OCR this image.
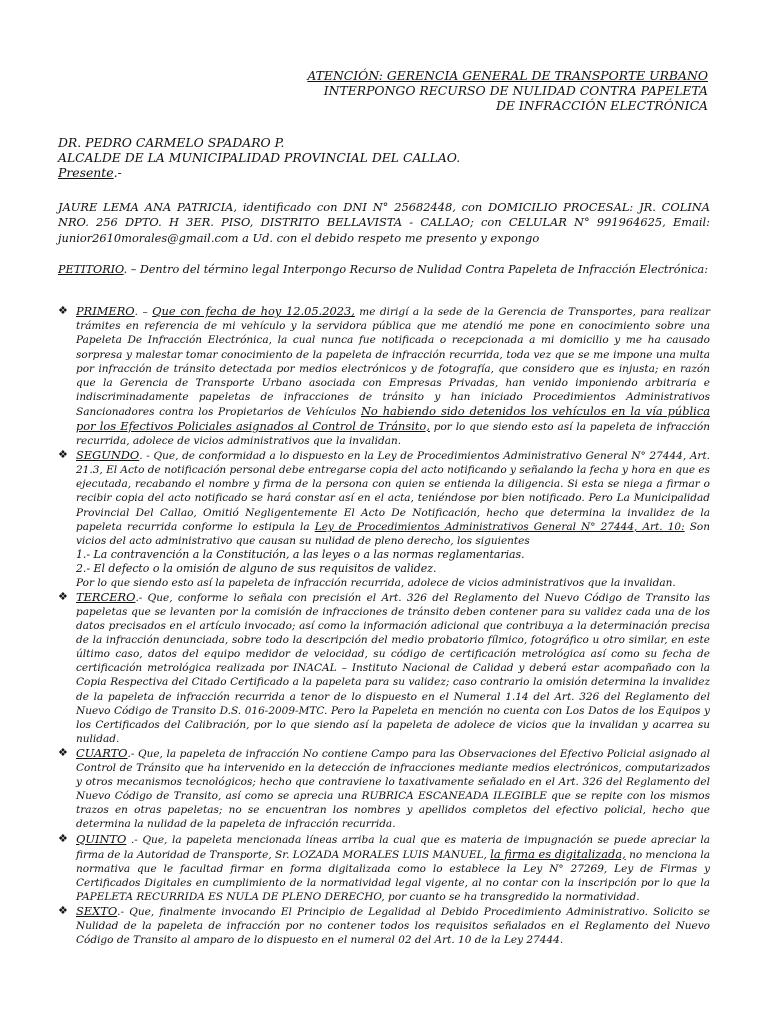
ATENCIÓN: GERENCIA GENERAL DE TRANSPORTE URBANO
INTERPONGO RECURSO DE NULIDAD CONTRA PAPELETA
DE INFRACCIÓN ELECTRÓNICA
DR. PEDRO CARMELO SPADARO P.
ALCALDE DE LA MUNICIPALIDAD PROVINCIAL DEL CALLAO.
Presente.-
JAURE LEMA ANA PATRICIA, identificado con DNI N° 25682448, con DOMICILIO PROCESAL: JR. COLINA NRO. 256 DPTO. H 3ER. PISO, DISTRITO BELLAVISTA - CALLAO; con CELULAR N° 991964625, Email: junior2610morales@gmail.com a Ud. con el debido respeto me presento y expongo
PETITORIO. – Dentro del término legal Interpongo Recurso de Nulidad Contra Papeleta de Infracción Electrónica:
❖ PRIMERO. – Que con fecha de hoy 12.05.2023, me dirigí a la sede de la Gerencia de Transportes, para realizar trámites en referencia de mi vehículo y la servidora pública que me atendió me pone en conocimiento sobre una Papeleta De Infracción Electrónica, la cual nunca fue notificada o recepcionada a mi domicilio y me ha causado sorpresa y malestar tomar conocimiento de la papeleta de infracción recurrida, toda vez que se me impone una multa por infracción de tránsito detectada por medios electrónicos y de fotografía, que considero que es injusta; en razón que la Gerencia de Transporte Urbano asociada con Empresas Privadas, han venido imponiendo arbitraria e indiscriminadamente papeletas de infracciones de tránsito y han iniciado Procedimientos Administrativos Sancionadores contra los Propietarios de Vehículos No habiendo sido detenidos los vehículos en la vía pública por los Efectivos Policiales asignados al Control de Tránsito, por lo que siendo esto así la papeleta de infracción recurrida, adolece de vicios administrativos que la invalidan.
❖ SEGUNDO. - Que, de conformidad a lo dispuesto en la Ley de Procedimientos Administrativo General N° 27444, Art. 21.3, El Acto de notificación personal debe entregarse copia del acto notificando y señalando la fecha y hora en que es ejecutada, recabando el nombre y firma de la persona con quien se entienda la diligencia. Si esta se niega a firmar o recibir copia del acto notificado se hará constar así en el acta, teniéndose por bien notificado. Pero La Municipalidad Provincial Del Callao, Omitió Negligentemente El Acto De Notificación, hecho que determina la invalidez de la papeleta recurrida conforme lo estipula la Ley de Procedimientos Administrativos General N° 27444, Art. 10: Son vicios del acto administrativo que causan su nulidad de pleno derecho, los siguientes
1.- La contravención a la Constitución, a las leyes o a las normas reglamentarias.
2.- El defecto o la omisión de alguno de sus requisitos de validez.
Por lo que siendo esto así la papeleta de infracción recurrida, adolece de vicios administrativos que la invalidan.
❖ TERCERO.- Que, conforme lo señala con precisión el Art. 326 del Reglamento del Nuevo Código de Transito las papeletas que se levanten por la comisión de infracciones de tránsito deben contener para su validez cada una de los datos precisados en el artículo invocado; así como la información adicional que contribuya a la determinación precisa de la infracción denunciada, sobre todo la descripción del medio probatorio fílmico, fotográfico u otro similar, en este último caso, datos del equipo medidor de velocidad, su código de certificación metrológica así como su fecha de certificación metrológica realizada por INACAL – Instituto Nacional de Calidad y deberá estar acompañado con la Copia Respectiva del Citado Certificado a la papeleta para su validez; caso contrario la omisión determina la invalidez de la papeleta de infracción recurrida a tenor de lo dispuesto en el Numeral 1.14 del Art. 326 del Reglamento del Nuevo Código de Transito D.S. 016-2009-MTC. Pero la Papeleta en mención no cuenta con Los Datos de los Equipos y los Certificados del Calibración, por lo que siendo así la papeleta de adolece de vicios que la invalidan y acarrea su nulidad.
❖ CUARTO.- Que, la papeleta de infracción No contiene Campo para las Observaciones del Efectivo Policial asignado al Control de Tránsito que ha intervenido en la detección de infracciones mediante medios electrónicos, computarizados y otros mecanismos tecnológicos; hecho que contraviene lo taxativamente señalado en el Art. 326 del Reglamento del Nuevo Código de Transito, así como se aprecia una RUBRICA ESCANEADA ILEGIBLE que se repite con los mismos trazos en otras papeletas; no se encuentran los nombres y apellidos completos del efectivo policial, hecho que determina la nulidad de la papeleta de infracción recurrida.
❖ QUINTO .- Que, la papeleta mencionada líneas arriba la cual que es materia de impugnación se puede apreciar la firma de la Autoridad de Transporte, Sr. LOZADA MORALES LUIS MANUEL, la firma es digitalizada, no menciona la normativa que le facultad firmar en forma digitalizada como lo establece la Ley N° 27269, Ley de Firmas y Certificados Digitales en cumplimiento de la normatividad legal vigente, al no contar con la inscripción por lo que la PAPELETA RECURRIDA ES NULA DE PLENO DERECHO, por cuanto se ha transgredido la normatividad.
❖ SEXTO.- Que, finalmente invocando El Principio de Legalidad al Debido Procedimiento Administrativo. Solicito se Nulidad de la papeleta de infracción por no contener todos los requisitos señalados en el Reglamento del Nuevo Código de Transito al amparo de lo dispuesto en el numeral 02 del Art. 10 de la Ley 27444.
